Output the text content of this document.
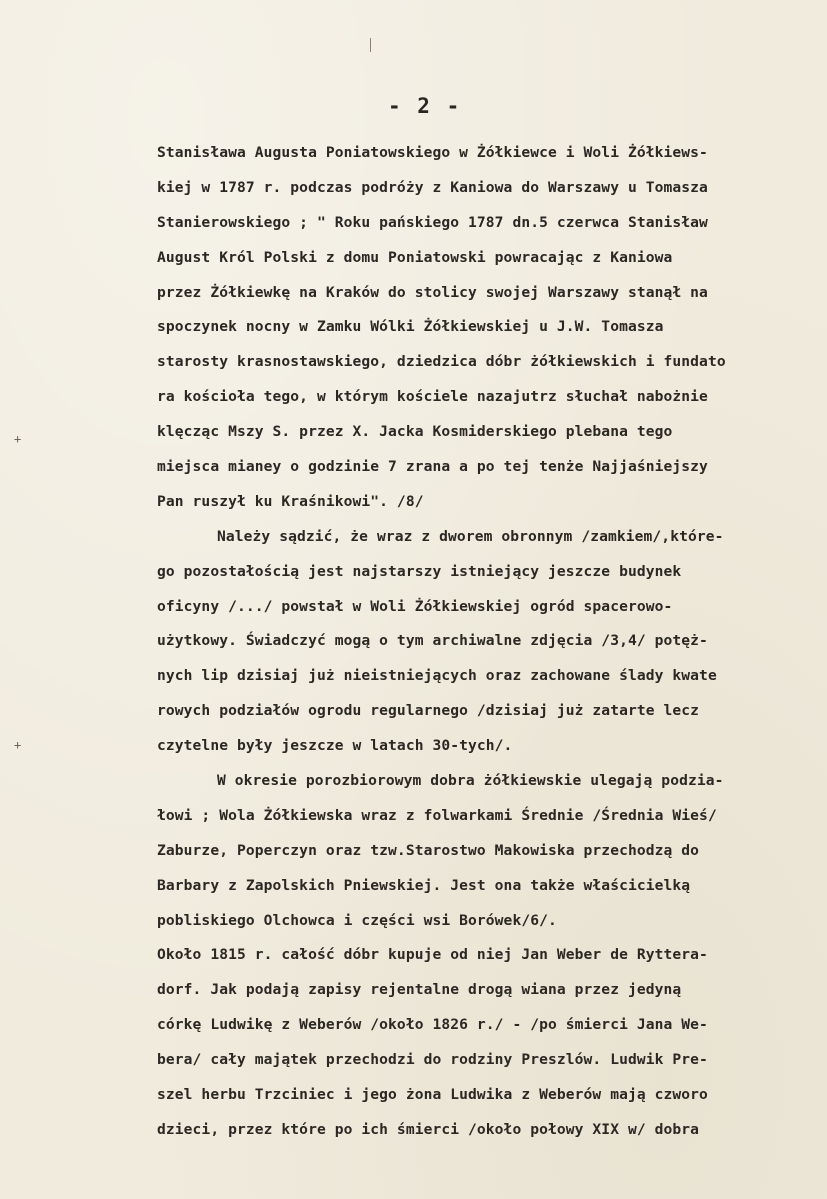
+
+
- 2 -
Stanisława Augusta Poniatowskiego w Żółkiewce i Woli Żółkiews-
kiej w 1787 r. podczas podróży z Kaniowa do Warszawy u Tomasza
Stanierowskiego ; " Roku pańskiego 1787 dn.5 czerwca Stanisław
August Król Polski z domu Poniatowski powracając z Kaniowa
przez Żółkiewkę na Kraków do stolicy swojej Warszawy stanął na
spoczynek nocny w Zamku Wólki Żółkiewskiej u J.W. Tomasza
starosty krasnostawskiego, dziedzica dóbr żółkiewskich i fundato
ra kościoła tego, w którym kościele nazajutrz słuchał nabożnie
klęcząc Mszy S. przez X. Jacka Kosmiderskiego plebana tego
miejsca mianey o godzinie 7 zrana a po tej tenże Najjaśniejszy
Pan ruszył ku Kraśnikowi". /8/
Należy sądzić, że wraz z dworem obronnym /zamkiem/,które-
go pozostałością jest najstarszy istniejący jeszcze budynek
oficyny /.../ powstał w Woli Żółkiewskiej ogród spacerowo-
użytkowy. Świadczyć mogą o tym archiwalne zdjęcia /3,4/ potęż-
nych lip dzisiaj już nieistniejących oraz zachowane ślady kwate
rowych podziałów ogrodu regularnego /dzisiaj już zatarte lecz
czytelne były jeszcze w latach 30-tych/.
W okresie porozbiorowym dobra żółkiewskie ulegają podzia-
łowi ; Wola Żółkiewska wraz z folwarkami Średnie /Średnia Wieś/
Zaburze, Poperczyn oraz tzw.Starostwo Makowiska przechodzą do
Barbary z Zapolskich Pniewskiej. Jest ona także właścicielką
pobliskiego Olchowca i części wsi Borówek/6/.
Około 1815 r. całość dóbr kupuje od niej Jan Weber de Ryttera-
dorf. Jak podają zapisy rejentalne drogą wiana przez jedyną
córkę Ludwikę z Weberów /około 1826 r./ - /po śmierci Jana We-
bera/ cały majątek przechodzi do rodziny Preszlów. Ludwik Pre-
szel herbu Trzciniec i jego żona Ludwika z Weberów mają czworo
dzieci, przez które po ich śmierci /około połowy XIX w/ dobra
